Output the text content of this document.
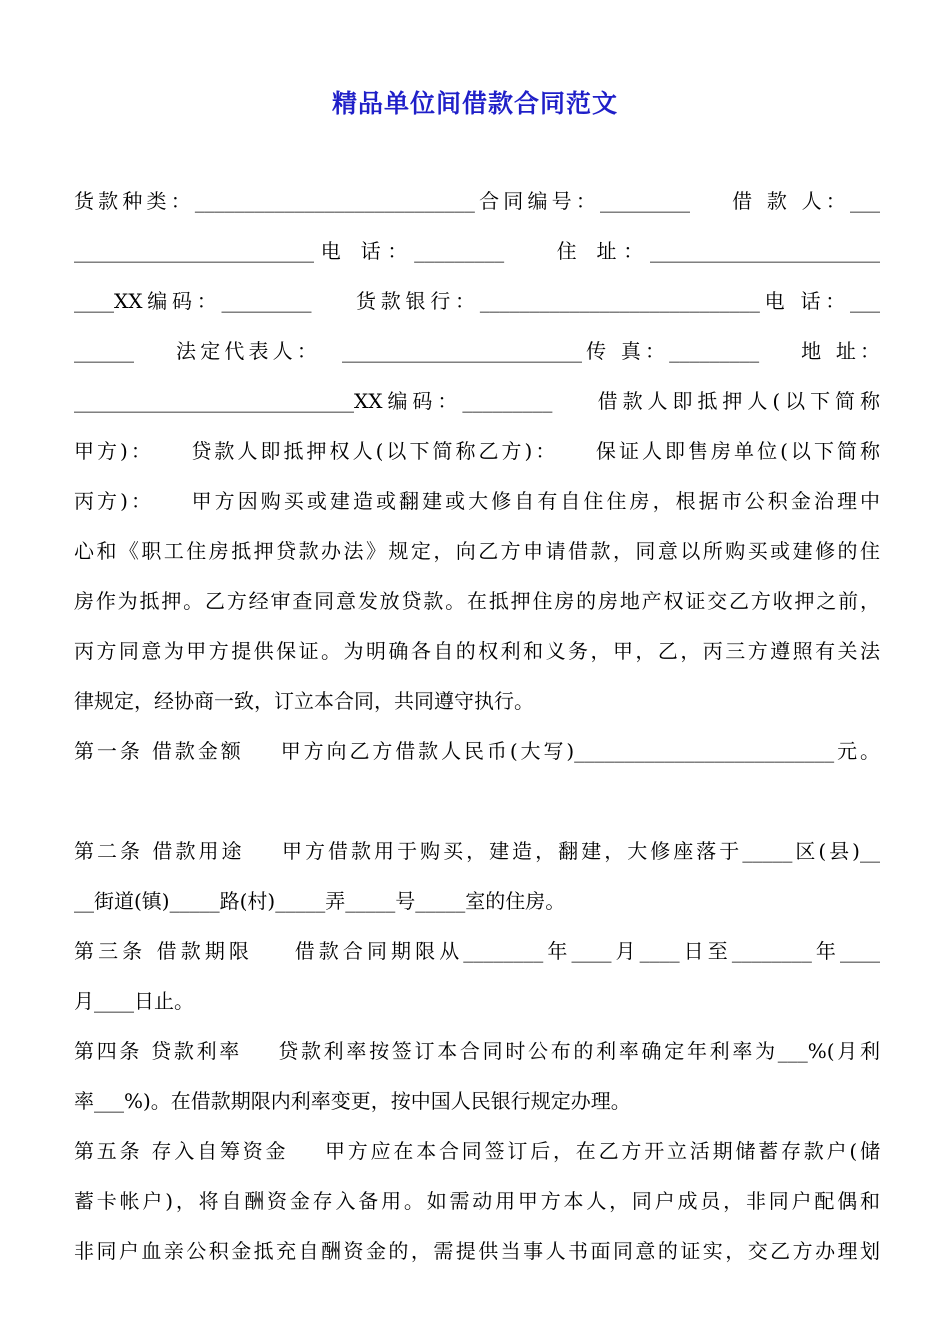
精品单位间借款合同范文
货款种类：____________________________合同编号：_________    借 款 人：___
________________________电 话：_________    住 址：_______________________
____XX编码：_________    货款银行：____________________________电 话：___
______    法定代表人：  ________________________传 真：_________    地 址：
____________________________XX编码：_________    借款人即抵押人(以下简称
甲方)：    贷款人即抵押权人(以下简称乙方)：    保证人即售房单位(以下简称
丙方)：    甲方因购买或建造或翻建或大修自有自住住房，根据市公积金治理中
心和《职工住房抵押贷款办法》规定，向乙方申请借款，同意以所购买或建修的住
房作为抵押。乙方经审查同意发放贷款。在抵押住房的房地产权证交乙方收押之前，
丙方同意为甲方提供保证。为明确各自的权利和义务，甲，乙，丙三方遵照有关法
律规定，经协商一致，订立本合同，共同遵守执行。
第一条 借款金额    甲方向乙方借款人民币(大写)__________________________元。
第二条 借款用途    甲方借款用于购买，建造，翻建，大修座落于_____区(县)__
__街道(镇)_____路(村)_____弄_____号_____室的住房。
第三条 借款期限    借款合同期限从________年____月____日至________年____
月____日止。
第四条 贷款利率    贷款利率按签订本合同时公布的利率确定年利率为___%(月利
率___%)。在借款期限内利率变更，按中国人民银行规定办理。
第五条 存入自筹资金    甲方应在本合同签订后，在乙方开立活期储蓄存款户(储
蓄卡帐户)，将自酬资金存入备用。如需动用甲方本人，同户成员，非同户配偶和
非同户血亲公积金抵充自酬资金的，需提供当事人书面同意的证实，交乙方办理划
